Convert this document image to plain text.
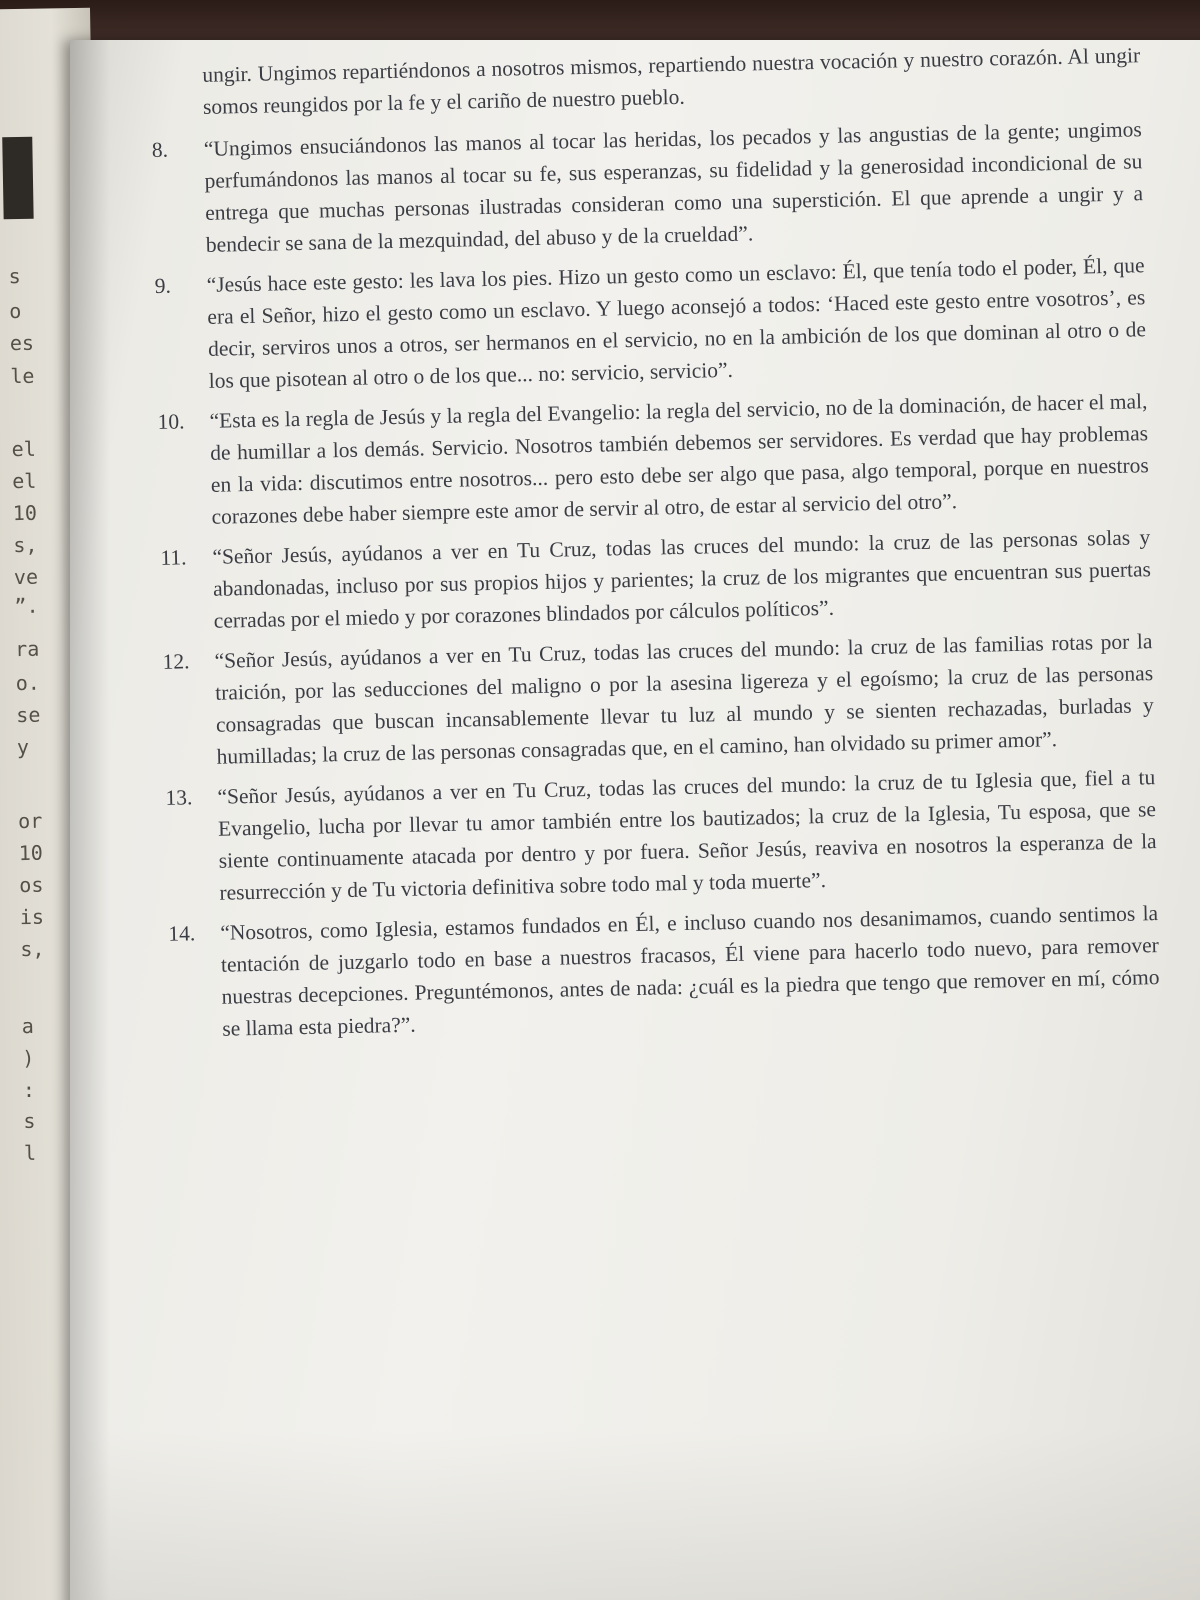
s
o
es
le
el
el
10
s,
ve
”.
ra
o.
se
y
or
10
os
is
s,
a
)
:
s
l

ungir. Ungimos repartiéndonos a nosotros mismos, repartiendo nuestra vocación y nuestro corazón. Al ungir somos reungidos por la fe y el cariño de nuestro pueblo.

8.	“Ungimos ensuciándonos las manos al tocar las heridas, los pecados y las angustias de la gente; ungimos perfumándonos las manos al tocar su fe, sus esperanzas, su fidelidad y la generosidad incondicional de su entrega que muchas personas ilustradas consideran como una superstición. El que aprende a ungir y a bendecir se sana de la mezquindad, del abuso y de la crueldad”.
9.	“Jesús hace este gesto: les lava los pies. Hizo un gesto como un esclavo: Él, que tenía todo el poder, Él, que era el Señor, hizo el gesto como un esclavo. Y luego aconsejó a todos: ‘Haced este gesto entre vosotros’, es decir, serviros unos a otros, ser hermanos en el servicio, no en la ambición de los que dominan al otro o de los que pisotean al otro o de los que... no: servicio, servicio”.
10.	“Esta es la regla de Jesús y la regla del Evangelio: la regla del servicio, no de la dominación, de hacer el mal, de humillar a los demás. Servicio. Nosotros también debemos ser servidores. Es verdad que hay problemas en la vida: discutimos entre nosotros... pero esto debe ser algo que pasa, algo temporal, porque en nuestros corazones debe haber siempre este amor de servir al otro, de estar al servicio del otro”.
11.	“Señor Jesús, ayúdanos a ver en Tu Cruz, todas las cruces del mundo: la cruz de las personas solas y abandonadas, incluso por sus propios hijos y parientes; la cruz de los migrantes que encuentran sus puertas cerradas por el miedo y por corazones blindados por cálculos políticos”.
12.	“Señor Jesús, ayúdanos a ver en Tu Cruz, todas las cruces del mundo: la cruz de las familias rotas por la traición, por las seducciones del maligno o por la asesina ligereza y el egoísmo; la cruz de las personas consagradas que buscan incansablemente llevar tu luz al mundo y se sienten rechazadas, burladas y humilladas; la cruz de las personas consagradas que, en el camino, han olvidado su primer amor”.
13.	“Señor Jesús, ayúdanos a ver en Tu Cruz, todas las cruces del mundo: la cruz de tu Iglesia que, fiel a tu Evangelio, lucha por llevar tu amor también entre los bautizados; la cruz de la Iglesia, Tu esposa, que se siente continuamente atacada por dentro y por fuera. Señor Jesús, reaviva en nosotros la esperanza de la resurrección y de Tu victoria definitiva sobre todo mal y toda muerte”.
14.	“Nosotros, como Iglesia, estamos fundados en Él, e incluso cuando nos desanimamos, cuando sentimos la tentación de juzgarlo todo en base a nuestros fracasos, Él viene para hacerlo todo nuevo, para remover nuestras decepciones. Preguntémonos, antes de nada: ¿cuál es la piedra que tengo que remover en mí, cómo se llama esta piedra?”.
